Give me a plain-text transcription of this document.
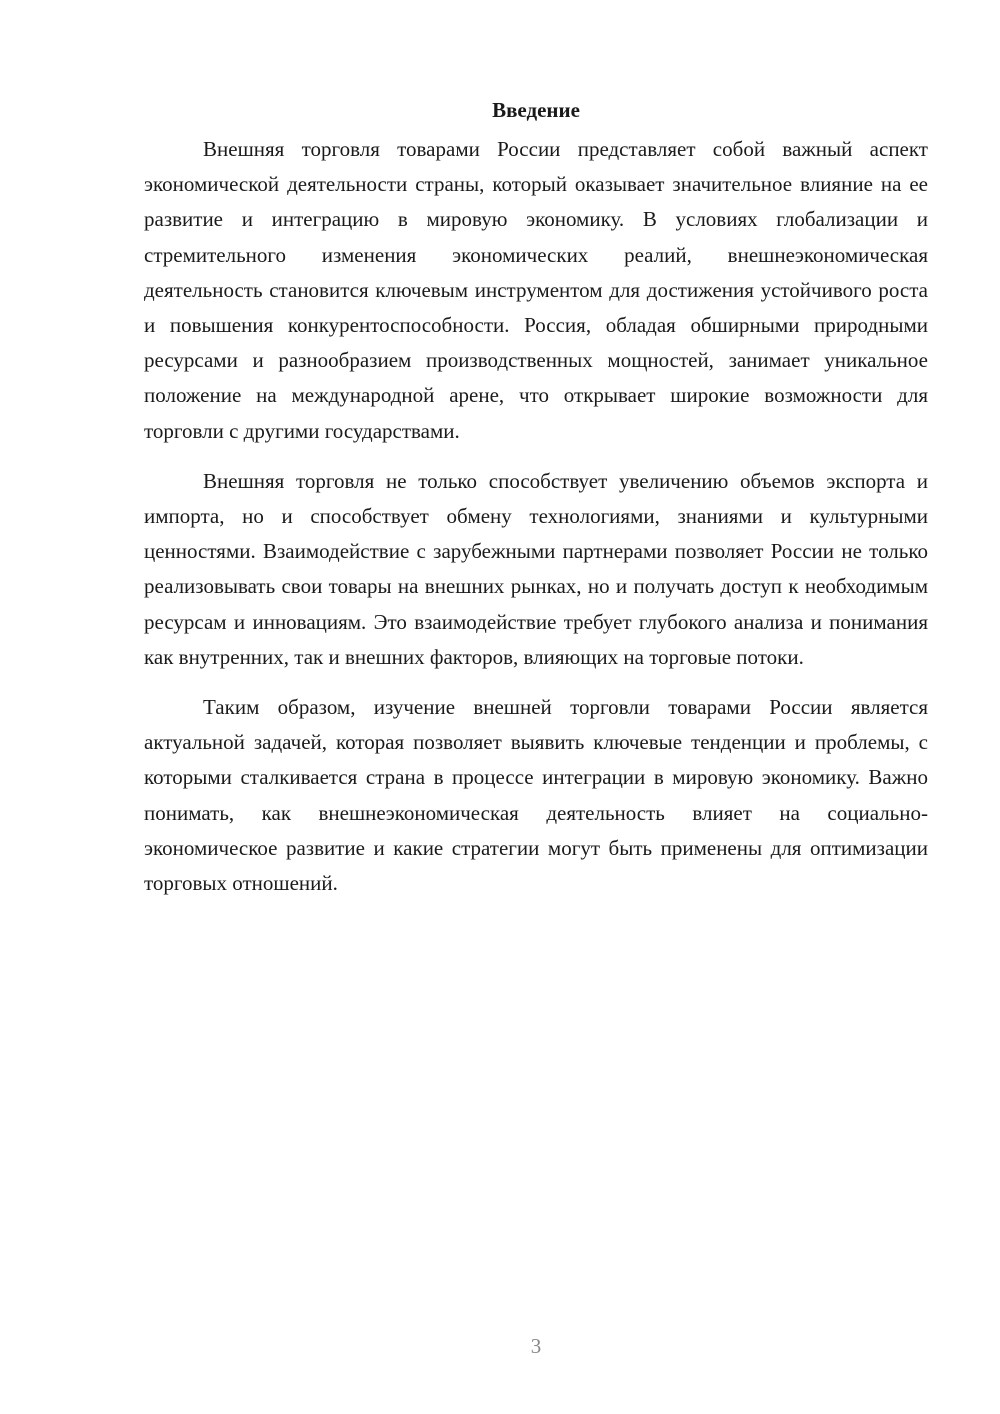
Введение

Внешняя торговля товарами России представляет собой важный аспект экономической деятельности страны, который оказывает значительное влияние на ее развитие и интеграцию в мировую экономику. В условиях глобализации и стремительного изменения экономических реалий, внешнеэкономическая деятельность становится ключевым инструментом для достижения устойчивого роста и повышения конкурентоспособности. Россия, обладая обширными природными ресурсами и разнообразием производственных мощностей, занимает уникальное положение на международной арене, что открывает широкие возможности для торговли с другими государствами.

Внешняя торговля не только способствует увеличению объемов экспорта и импорта, но и способствует обмену технологиями, знаниями и культурными ценностями. Взаимодействие с зарубежными партнерами позволяет России не только реализовывать свои товары на внешних рынках, но и получать доступ к необходимым ресурсам и инновациям. Это взаимодействие требует глубокого анализа и понимания как внутренних, так и внешних факторов, влияющих на торговые потоки.

Таким образом, изучение внешней торговли товарами России является актуальной задачей, которая позволяет выявить ключевые тенденции и проблемы, с которыми сталкивается страна в процессе интеграции в мировую экономику. Важно понимать, как внешнеэкономическая деятельность влияет на социально-экономическое развитие и какие стратегии могут быть применены для оптимизации торговых отношений.

3
